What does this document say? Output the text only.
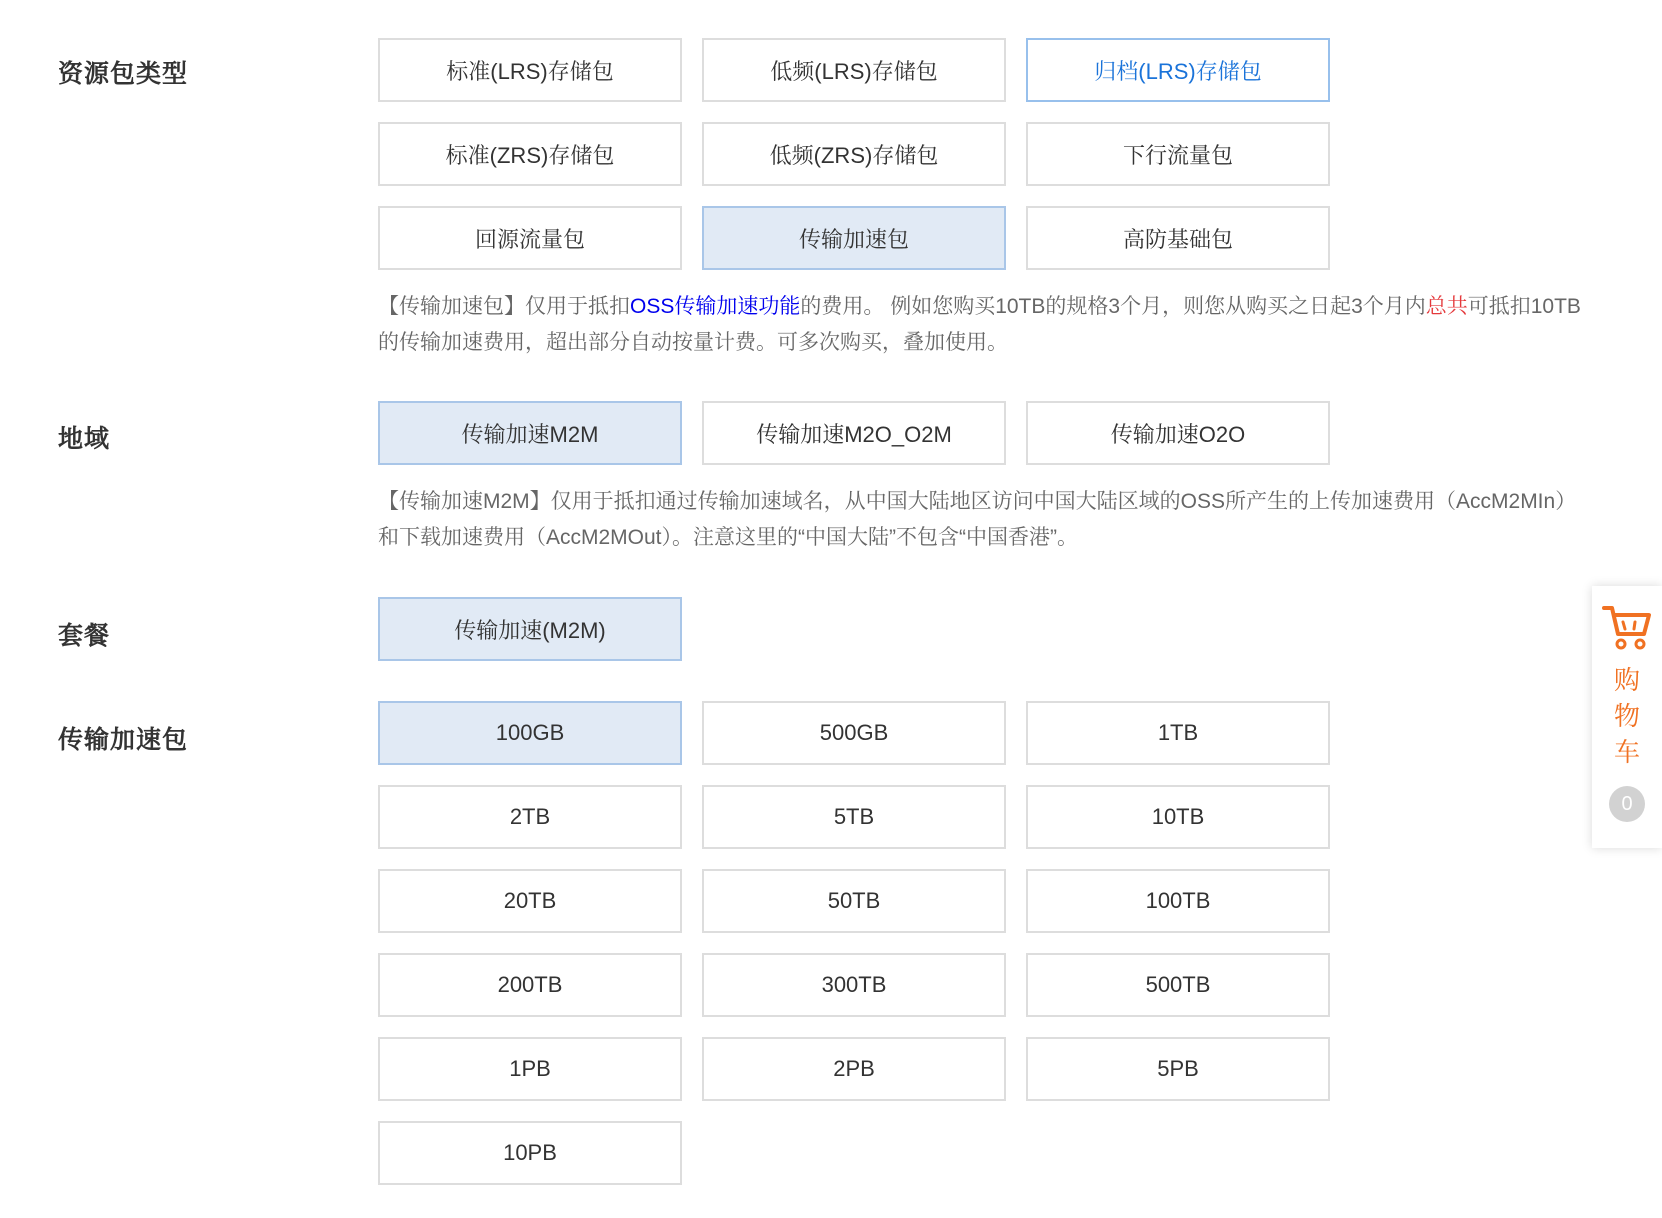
资源包类型	标准(LRS)存储包	低频(LRS)存储包	归档(LRS)存储包
标准(ZRS)存储包	低频(ZRS)存储包	下行流量包
回源流量包	传输加速包	高防基础包
【传输加速包】仅用于抵扣OSS传输加速功能的费用。 例如您购买10TB的规格3个月，则您从购买之日起3个月内总共可抵扣10TB的传输加速费用，超出部分自动按量计费。可多次购买，叠加使用。
地域	传输加速M2M	传输加速M2O_O2M	传输加速O2O
【传输加速M2M】仅用于抵扣通过传输加速域名，从中国大陆地区访问中国大陆区域的OSS所产生的上传加速费用（AccM2MIn）和下载加速费用（AccM2MOut）。注意这里的“中国大陆”不包含“中国香港”。
套餐	传输加速(M2M)
传输加速包	100GB	500GB	1TB
2TB	5TB	10TB
20TB	50TB	100TB
200TB	300TB	500TB
1PB	2PB	5PB
10PB
购物车
0
